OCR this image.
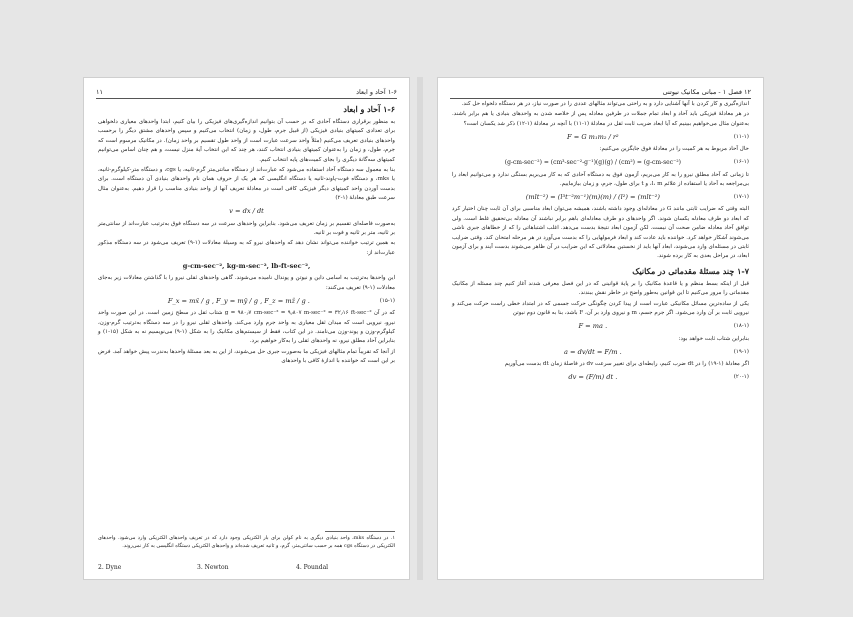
۱-۶ آحاد و ابعاد
۱۱
۱-۶ آحاد و ابعاد

به منظور برقراری دستگاه آحادی که بر حسب آن بتوانیم اندازه‌گیری‌های فیزیکی را بیان کنیم، ابتدا واحدهای معیاری دلخواهی برای تعدادی کمیتهای بنیادی فیزیکی (از قبیل جرم، طول، و زمان) انتخاب می‌کنیم و سپس واحدهای مشتق دیگر را برحسب واحدهای بنیادی تعریف می‌کنیم (مثلاً واحد سرعت عبارت است از واحد طول تقسیم بر واحد زمان). در مکانیک مرسوم است که جرم، طول، و زمان را به‌عنوان کمیتهای بنیادی انتخاب کنند، هر چند که این انتخاب آیهٔ منزل نیست، و هم چنان اساس می‌توانیم کمیتهای سه‌گانهٔ دیگری را بجای کمیت‌های پایه انتخاب کنیم.

بنا به معمول سه دستگاه آحاد استفاده می‌شود که عبارت‌اند از دستگاه سانتی‌متر گرم-ثانیه، یا cgs، و دستگاه متر-کیلوگرم-ثانیه، یا mks، و دستگاه فوت-پاوند-ثانیه یا دستگاه انگلیسی که هر یک از حروف همان نام واحدهای بنیادی آن دستگاه است. برای بدست آوردن واحد کمیتهای دیگر فیزیکی کافی است در معادلهٔ تعریف آنها از واحد بنیادی مناسب را قرار دهیم. به‌عنوان مثال سرعت طبق معادلهٔ (۱-۲)

v = dx / dt

به‌صورت فاصله‌ای تقسیم بر زمان تعریف می‌شود. بنابراین واحدهای سرعت در سه دستگاه فوق به‌ترتیب عبارت‌اند از سانتی‌متر بر ثانیه، متر بر ثانیه و فوت بر ثانیه.

به همین ترتیب خواننده می‌تواند نشان دهد که واحدهای نیرو که به وسیلهٔ معادلات (۱-۹) تعریف می‌شود در سه دستگاه مذکور عبارت‌اند از:

g-cm-sec⁻², kg-m-sec⁻², lb-ft-sec⁻²,

این واحدها به‌ترتیب به اسامی داین و نیوتن و پوندال نامیده می‌شوند. گاهی واحدهای ثقلی نیرو را با گذاشتن معادلات زیر به‌جای معادلات (۱-۹) تعریف می‌کنند:

F_x = mẍ / g , F_y = mÿ / g , F_z = mz̈ / g .	(۱۵-۱)

که در آن g = ۹۸۰٫۷ cm-sec⁻² = ۹٫۸۰۷ m-sec⁻² = ۳۲٫۱۶ ft-sec⁻² شتاب ثقل در سطح زمین است. در این صورت واحد نیرو، نیرویی است که میدان ثقل معیاری به واحد جرم وارد می‌کند. واحدهای ثقلی نیرو را در سه دستگاه به‌ترتیب گرم-وزن، کیلوگرم-وزن و پوند-وزن می‌نامند. در این کتاب، فقط از سیستم‌های مکانیک را به شکل (۱-۹) می‌نویسیم نه به شکل (۱۵-۱) و بنابراین آحاد مطلق نیرو، نه واحدهای ثقلی را به‌کار خواهیم برد.

از آنجا که تقریباً تمام مثالهای فیزیکی ما به‌صورت جبری حل می‌شوند، از این به بعد مسئلهٔ واحدها به‌ندرت پیش خواهد آمد. فرض بر این است که خواننده با اندازهٔ کافی با واحدهای

۱. در دستگاه mks، واحد بنیادی دیگری به نام کولن برای بار الکتریکی وجود دارد که در تعریف واحدهای الکتریکی وارد می‌شود. واحدهای الکتریکی در دستگاه cgs همه بر حسب سانتی‌متر، گرم، و ثانیه تعریف شده‌اند و واحدهای الکتریکی دستگاه انگلیسی به کار نمی‌روند.
2. Dyne	3. Newton	4. Poundal
۱۲ فصل ۱ - مبانی مکانیک نیوتنی

اندازه‌گیری و کار کردن با آنها آشنایی دارد و به راحتی می‌تواند مثالهای عددی را در صورت نیاز، در هر دستگاه دلخواه حل کند.

در هر معادلهٔ فیزیکی باید آحاد و ابعاد تمام جملات در طرفین معادله پس از خلاصه شدن به واحدهای بنیادی یا هم برابر باشند. به‌عنوان مثال می‌خواهیم ببینیم که آیا ابعاد ضریب ثابت ثقل در معادلهٔ (۱-۱۱) با آنچه در معادلهٔ (۱-۱۲) ذکر شد یکسان است؟

F = G m₁m₂ / r²	(۱۱-۱)

حال آحاد مربوط به هر کمیت را در معادلهٔ فوق جایگزین می‌کنیم:

(g-cm-sec⁻²) = (cm³-sec⁻²-g⁻¹)(g)(g) / (cm²) = (g-cm-sec⁻²)	(۱۶-۱)

تا زمانی که آحاد مطلق نیرو را به کار می‌بریم، آزمون فوق به دستگاه آحادی که به کار می‌بریم بستگی ندارد و می‌توانیم ابعاد را بی‌مراجعه به آحاد یا استفاده از علائم l، m، و t برای طول، جرم، و زمان بیازماییم.

(mlt⁻²) = (l³t⁻²m⁻¹)(m)(m) / (l²) = (mlt⁻²)	(۱۷-۱)

البته وقتی که ضرایب ثابتی مانند G در معادله‌ای وجود داشته باشند، همیشه می‌توان ابعاد مناسبی برای آن ثابت چنان اختیار کرد که ابعاد دو طرف معادله یکسان شوند. اگر واحدهای دو طرف معادله‌ای باهم برابر نباشند آن معادله بی‌تحقیق غلط است. ولی توافق آحاد معادله ضامن صحت آن نیست. لکن آزمون ابعاد نتیجهٔ بدست می‌دهد. اغلب اشتباهاتی را که از خطاهای جبری ناشی می‌شوند آشکار خواهد کرد. خواننده باید عادت کند و ابعاد فرمولهایی را که بدست می‌آورد در هر مرحله امتحان کند. وقتی ضرایب ثابتی در مسئله‌ای وارد می‌شوند، ابعاد آنها باید از نخستین معادلاتی که این ضرایب در آن ظاهر می‌شوند بدست آیند و برای آزمون ابعاد، در مراحل بعدی به کار برده شوند.

۱-۷ چند مسئلهٔ مقدماتی در مکانیک

قبل از اینکه بسط منظم و یا قاعدهٔ مکانیک را بر پایهٔ قوانینی که در این فصل معرفی شدند آغاز کنیم چند مسئله از مکانیک مقدماتی را مرور می‌کنیم تا این قوانین به‌طور واضح در خاطر نقش ببندند.

یکی از ساده‌ترین مسائل مکانیکی عبارت است از پیدا کردن چگونگی حرکت جسمی که در امتداد خطی راست حرکت می‌کند و نیرویی ثابت بر آن وارد می‌شود. اگر جرم جسم، m و نیروی وارد بر آن، F باشد، بنا به قانون دوم نیوتن

F = ma .	(۱۸-۱)

بنابراین شتاب ثابت خواهد بود:

a = dv/dt = F/m .	(۱۹-۱)

اگر معادلهٔ (۱-۱۹) را در dt ضرب کنیم، رابطه‌ای برای تغییر سرعت dv در فاصلهٔ زمان dt بدست می‌آوریم

dv = (F/m) dt .	(۲۰-۱)
